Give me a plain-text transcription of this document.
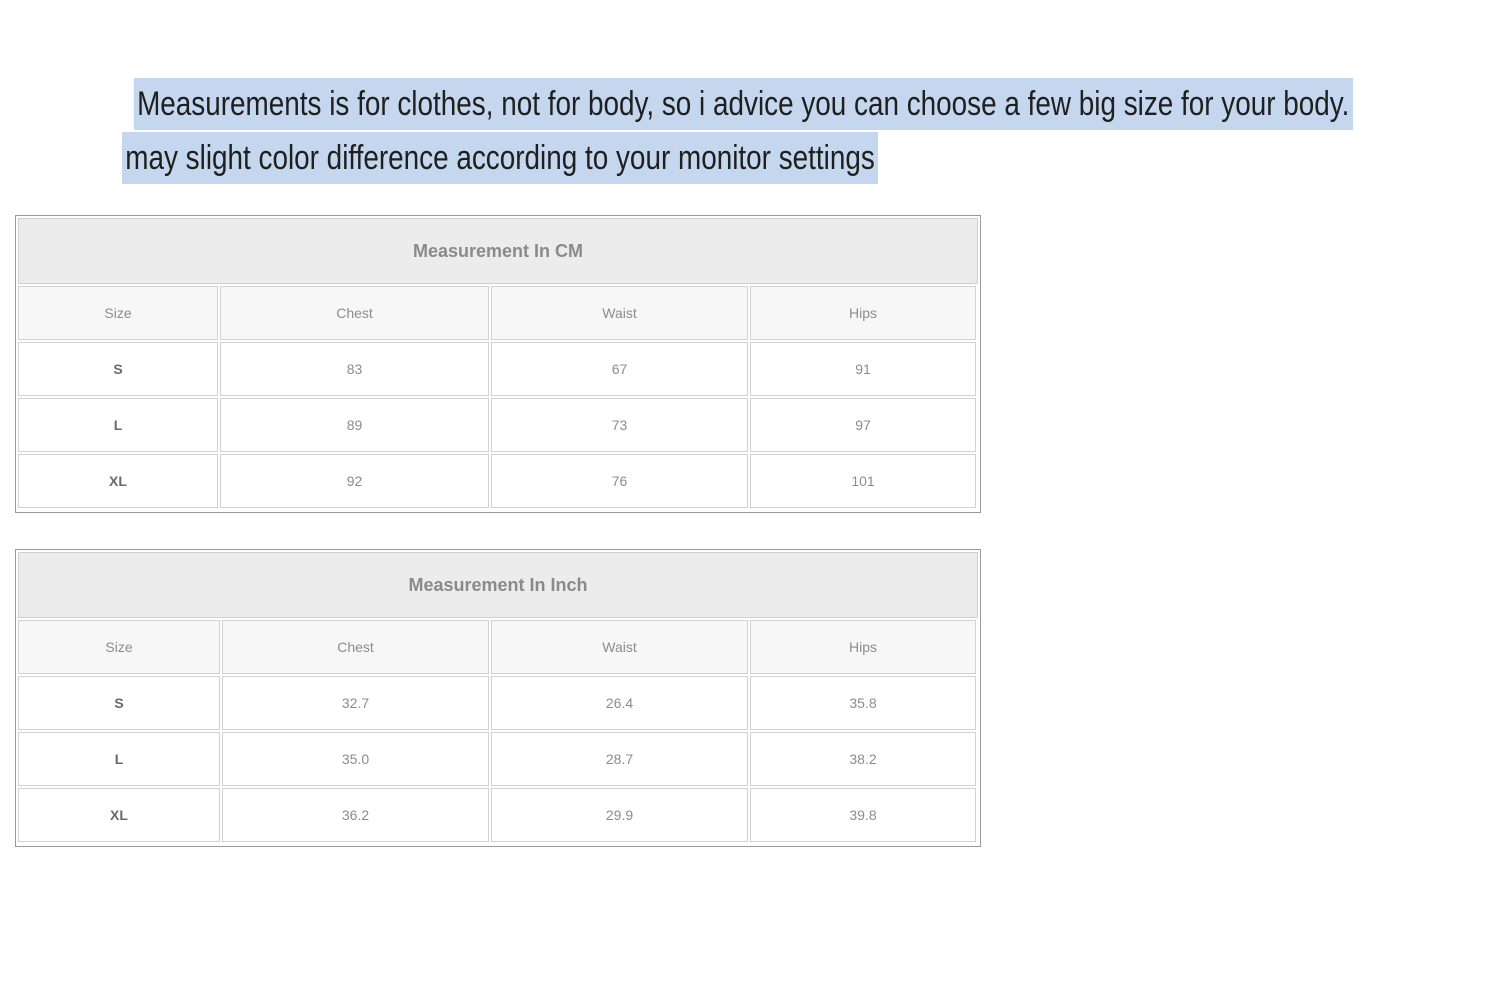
Measurements is for clothes, not for body, so i advice you can choose a few big size for your body.
may slight color difference according to your monitor settings
Measurement In CM
Size	Chest	Waist	Hips
S	83	67	91
L	89	73	97
XL	92	76	101
Measurement In Inch
Size	Chest	Waist	Hips
S	32.7	26.4	35.8
L	35.0	28.7	38.2
XL	36.2	29.9	39.8
